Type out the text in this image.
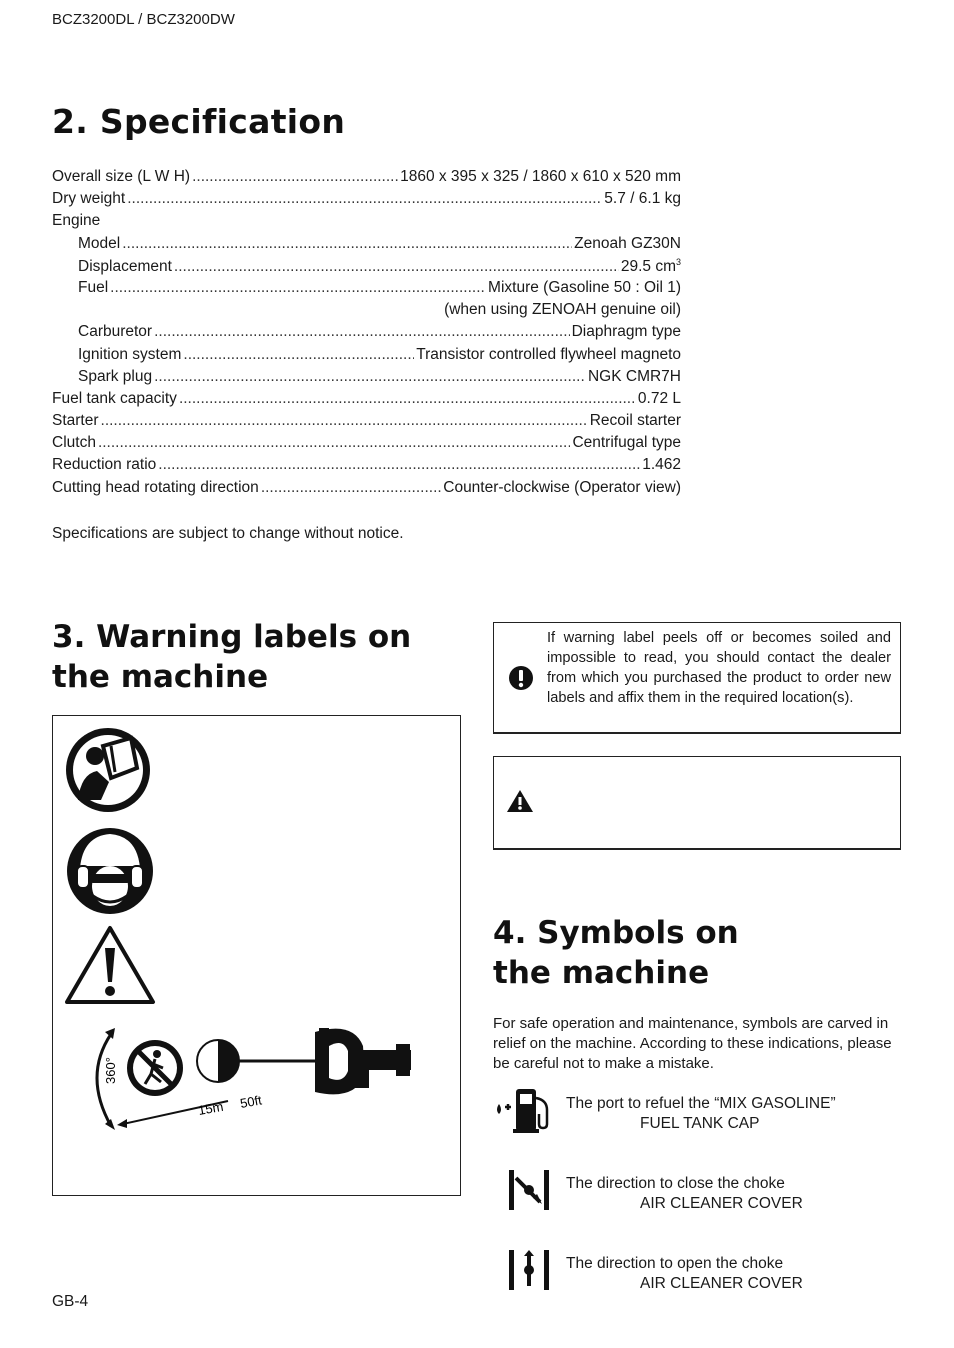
BCZ3200DL / BCZ3200DW
2. Specification
Overall size (L W H) .....	1860 x 395 x 325 / 1860 x 610 x 520 mm
Dry weight .....	5.7 / 6.1 kg
Engine
Model .....	Zenoah GZ30N
Displacement .....	29.5 $cm^3$
Fuel .....	Mixture (Gasoline 50 : Oil 1)
(when using ZENOAH genuine oil)
Carburetor .....	Diaphragm type
Ignition system .....	Transistor controlled flywheel magneto
Spark plug .....	NGK CMR7H
Fuel tank capacity .....	0.72 L
Starter .....	Recoil starter
Clutch .....	Centrifugal type
Reduction ratio .....	1.462
Cutting head rotating direction .....	Counter-clockwise (Operator view)
Specifications are subject to change without notice.
3. Warning labels on
the machine
360°
15m 50ft
If warning label peels off or becomes soiled and impossible to read, you should contact the dealer from which you purchased the product to order new labels and affix them in the required location(s).
4. Symbols on
the machine
For safe operation and maintenance, symbols are carved in relief on the machine. According to these indications, please be careful not to make a mistake.
The port to refuel the “MIX GASOLINE”
FUEL TANK CAP
The direction to close the choke
AIR CLEANER COVER
The direction to open the choke
AIR CLEANER COVER
GB-4
